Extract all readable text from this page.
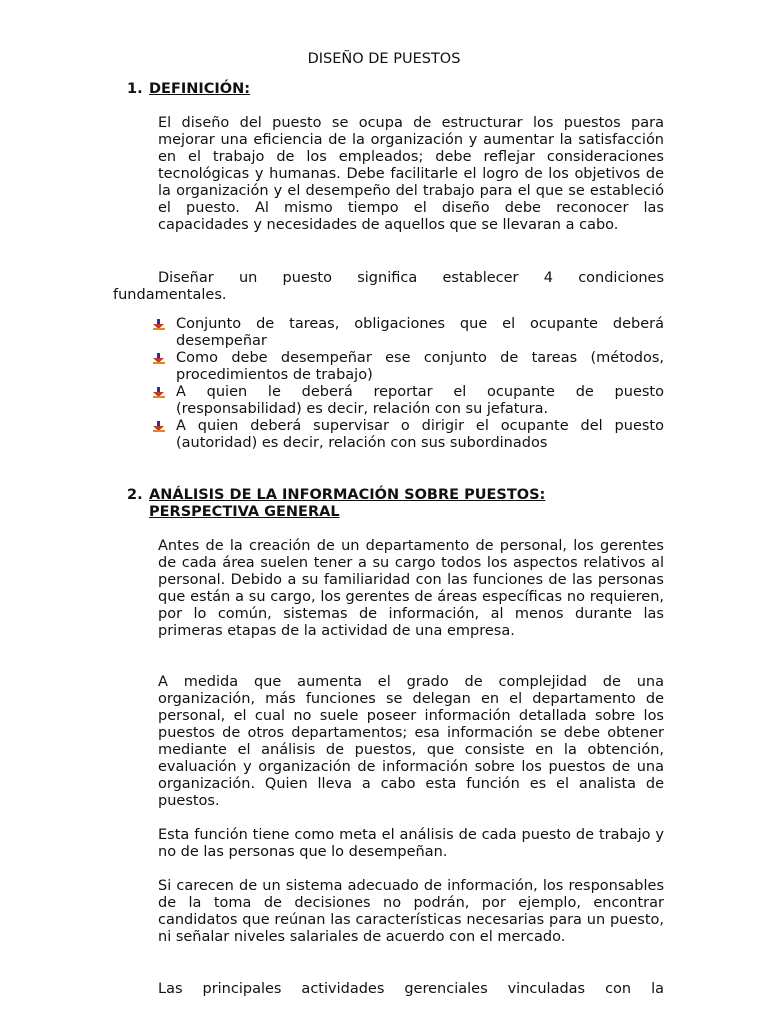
DISEÑO DE PUESTOS
1. DEFINICIÓN:
El diseño del puesto se ocupa de estructurar los puestos para mejorar una eficiencia de la organización y aumentar la satisfacción en el trabajo de los empleados; debe reflejar consideraciones tecnológicas y humanas. Debe facilitarle el logro de los objetivos de la organización y el desempeño del trabajo para el que se estableció el puesto. Al mismo tiempo el diseño debe reconocer las capacidades y necesidades de aquellos que se llevaran a cabo.
Diseñar un puesto significa establecer 4 condiciones
fundamentales.
Conjunto de tareas, obligaciones que el ocupante deberá desempeñar
Como debe desempeñar ese conjunto de tareas (métodos, procedimientos de trabajo)
A quien le deberá reportar el ocupante de puesto (responsabilidad) es decir, relación con su jefatura.
A quien deberá supervisar o dirigir el ocupante del puesto (autoridad) es decir, relación con sus subordinados
2. ANÁLISIS DE LA INFORMACIÓN SOBRE PUESTOS:
PERSPECTIVA GENERAL
Antes de la creación de un departamento de personal, los gerentes de cada área suelen tener a su cargo todos los aspectos relativos al personal. Debido a su familiaridad con las funciones de las personas que están a su cargo, los gerentes de áreas específicas no requieren, por lo común, sistemas de información, al menos durante las primeras etapas de la actividad de una empresa.
A medida que aumenta el grado de complejidad de una organización, más funciones se delegan en el departamento de personal, el cual no suele poseer información detallada sobre los puestos de otros departamentos; esa información se debe obtener mediante el análisis de puestos, que consiste en la obtención, evaluación y organización de información sobre los puestos de una organización. Quien lleva a cabo esta función es el analista de puestos.
Esta función tiene como meta el análisis de cada puesto de trabajo y no de las personas que lo desempeñan.
Si carecen de un sistema adecuado de información, los responsables de la toma de decisiones no podrán, por ejemplo, encontrar candidatos que reúnan las características necesarias para un puesto, ni señalar niveles salariales de acuerdo con el mercado.
Las principales actividades gerenciales vinculadas con la
